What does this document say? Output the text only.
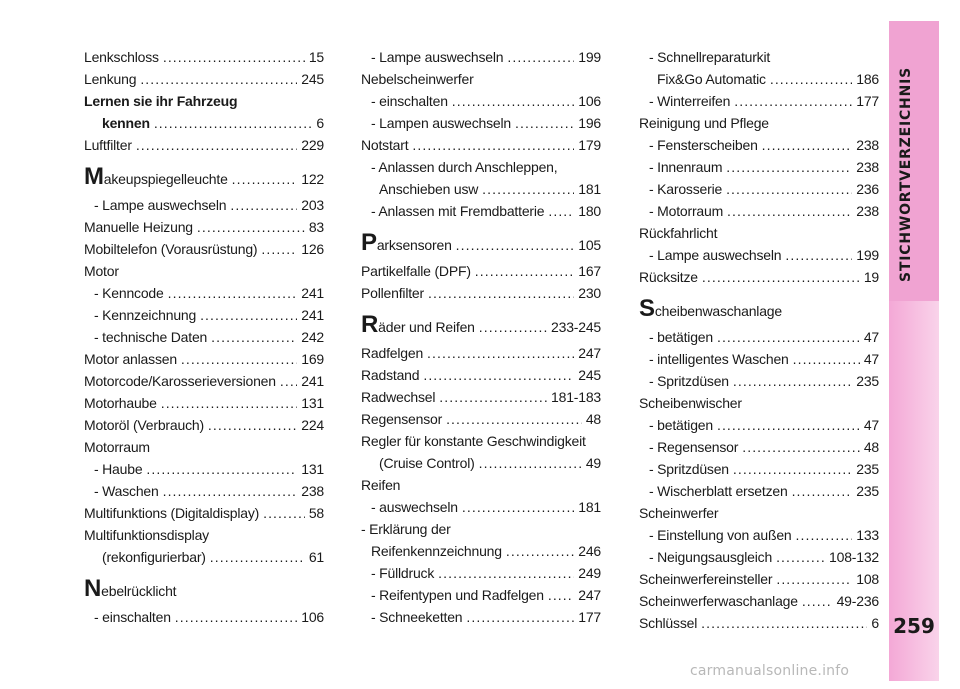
Lenkschloss . . .	15
Lenkung . . .	245
Lernen sie ihr Fahrzeug
kennen . . .	6
Luftfilter . . .	229
M akeupspiegelleuchte . . .	122
- Lampe auswechseln . . .	203
Manuelle Heizung . . .	83
Mobiltelefon (Vorausrüstung) . . .	126
Motor
- Kenncode . . .	241
- Kennzeichnung . . .	241
- technische Daten . . .	242
Motor anlassen . . .	169
Motorcode/Karosserieversionen . . . 241
Motorhaube . . .	131
Motoröl (Verbrauch) . . .	224
Motorraum
- Haube . . .	131
- Waschen . . .	238
Multifunktions (Digitaldisplay) . . .	58
Multifunktionsdisplay
(rekonfigurierbar) . . .	61
N ebelrücklicht
- einschalten . . .	106
- Lampe auswechseln . . .	199
Nebelscheinwerfer
- einschalten . . .	106
- Lampen auswechseln . . .	196
Notstart . . .	179
- Anlassen durch Anschleppen,
Anschieben usw . . .	181
- Anlassen mit Fremdbatterie . . . 180
P arksensoren . . .	105
Partikelfalle (DPF) . . .	167
Pollenfilter . . .	230
R äder und Reifen . . .	233-245
Radfelgen . . .	247
Radstand . . .	245
Radwechsel . . .	181-183
Regensensor . . .	48
Regler für konstante Geschwindigkeit
(Cruise Control) . . .	49
Reifen
- auswechseln . . .	181
- Erklärung der
Reifenkennzeichnung . . .	246
- Fülldruck . . .	249
- Reifentypen und Radfelgen . . . 247
- Schneeketten . . .	177
- Schnellreparaturkit
Fix&Go Automatic . . .	186
- Winterreifen . . .	177
Reinigung und Pflege
- Fensterscheiben . . .	238
- Innenraum . . .	238
- Karosserie . . .	236
- Motorraum . . .	238
Rückfahrlicht
- Lampe auswechseln . . .	199
Rücksitze . . .	19
S cheibenwaschanlage
- betätigen . . .	47
- intelligentes Waschen . . .	47
- Spritzdüsen . . .	235
Scheibenwischer
- betätigen . . .	47
- Regensensor . . .	48
- Spritzdüsen . . .	235
- Wischerblatt ersetzen . . .	235
Scheinwerfer
- Einstellung von außen . . .	133
- Neigungsausgleich . . .	108-132
Scheinwerfereinsteller . . .	108
Scheinwerferwaschanlage . . .	49-236
Schlüssel . . .	6
STICHWORTVERZEICHNIS
259
carmanualsonline.info
